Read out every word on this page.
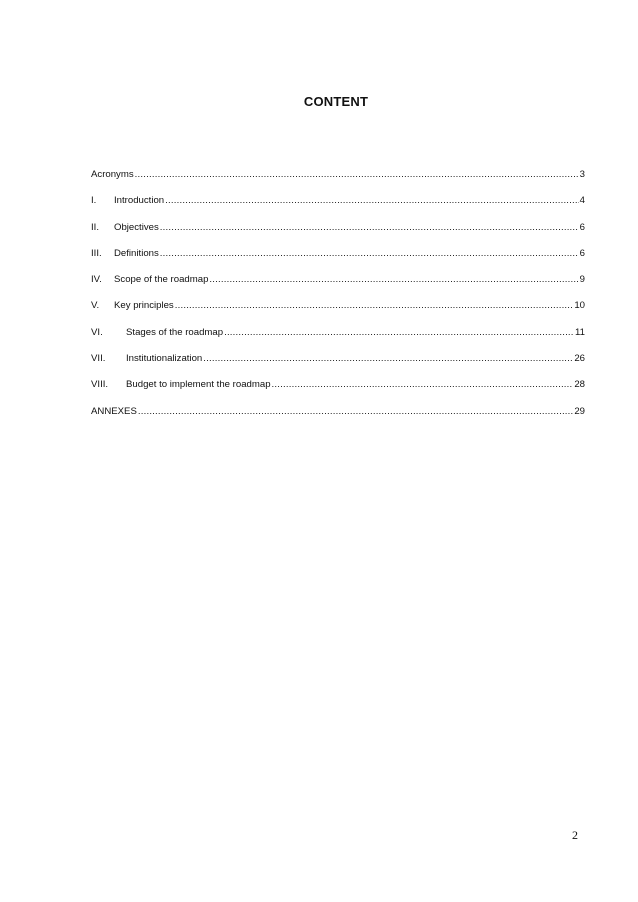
CONTENT
Acronyms .....	3
I.	Introduction .....	4
II.	Objectives .....	6
III.	Definitions .....	6
IV.	Scope of the roadmap .....	9
V.	Key principles .....	10
VI.	Stages of the roadmap .....	11
VII.	Institutionalization .....	26
VIII.	Budget to implement the roadmap .....	28
ANNEXES .....	29
2
